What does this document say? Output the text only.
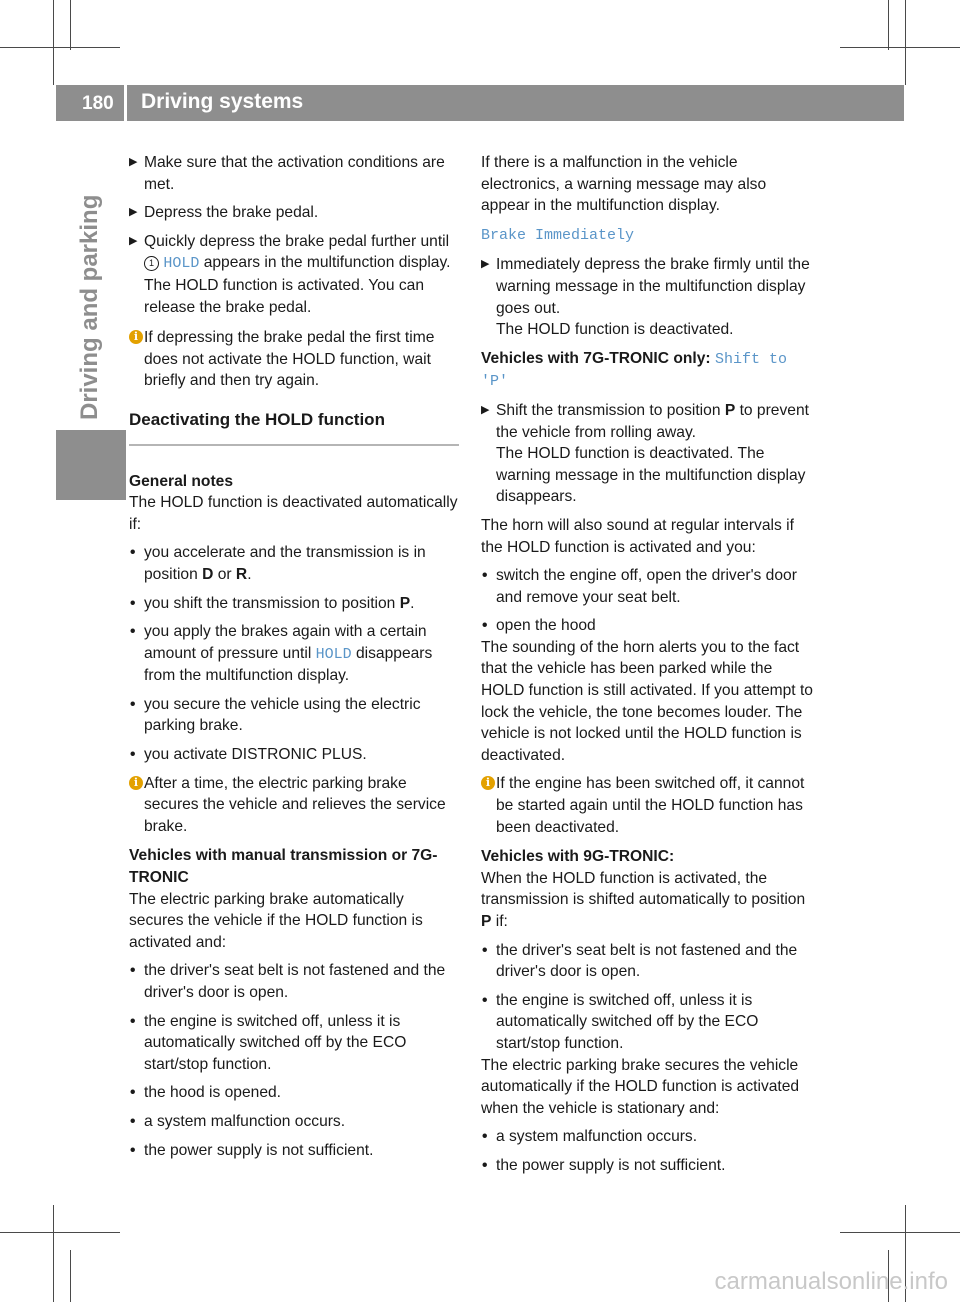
180 Driving systems
Driving and parking

▶ Make sure that the activation conditions are met.

▶ Depress the brake pedal.

▶ Quickly depress the brake pedal further until 1 HOLD appears in the multifunction display.
The HOLD function is activated. You can release the brake pedal.

i If depressing the brake pedal the first time does not activate the HOLD function, wait briefly and then try again.

Deactivating the HOLD function

General notes

The HOLD function is deactivated automatically if:

• you accelerate and the transmission is in position D or R.

• you shift the transmission to position P.

• you apply the brakes again with a certain amount of pressure until HOLD disappears from the multifunction display.

• you secure the vehicle using the electric parking brake.

• you activate DISTRONIC PLUS.

i After a time, the electric parking brake secures the vehicle and relieves the service brake.

Vehicles with manual transmission or 7G-TRONIC

The electric parking brake automatically secures the vehicle if the HOLD function is activated and:

• the driver's seat belt is not fastened and the driver's door is open.

• the engine is switched off, unless it is automatically switched off by the ECO start/stop function.

• the hood is opened.

• a system malfunction occurs.

• the power supply is not sufficient.

If there is a malfunction in the vehicle electronics, a warning message may also appear in the multifunction display.

Brake Immediately

▶ Immediately depress the brake firmly until the warning message in the multifunction display goes out.
The HOLD function is deactivated.

Vehicles with 7G-TRONIC only: Shift to 'P'

▶ Shift the transmission to position P to prevent the vehicle from rolling away.
The HOLD function is deactivated. The warning message in the multifunction display disappears.

The horn will also sound at regular intervals if the HOLD function is activated and you:

• switch the engine off, open the driver's door and remove your seat belt.

• open the hood

The sounding of the horn alerts you to the fact that the vehicle has been parked while the HOLD function is still activated. If you attempt to lock the vehicle, the tone becomes louder. The vehicle is not locked until the HOLD function is deactivated.

i If the engine has been switched off, it cannot be started again until the HOLD function has been deactivated.

Vehicles with 9G-TRONIC:

When the HOLD function is activated, the transmission is shifted automatically to position P if:

• the driver's seat belt is not fastened and the driver's door is open.

• the engine is switched off, unless it is automatically switched off by the ECO start/stop function.

The electric parking brake secures the vehicle automatically if the HOLD function is activated when the vehicle is stationary and:

• a system malfunction occurs.

• the power supply is not sufficient.

carmanualsonline.info
